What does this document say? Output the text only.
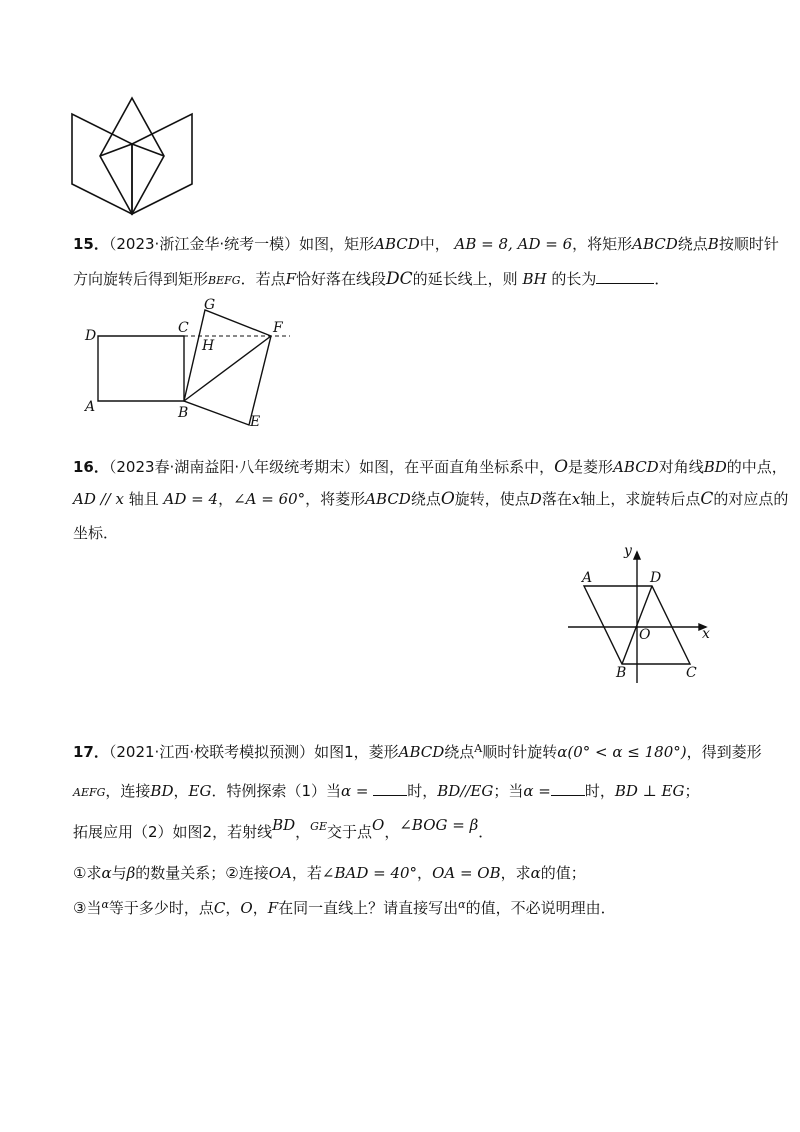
15．（2023·浙江金华·统考一模）如图，矩形ABCD中， AB = 8, AD = 6，将矩形ABCD绕点B按顺时针
方向旋转后得到矩形BEFG．若点F恰好落在线段DC的延长线上，则 BH 的长为	．
D	C
G
F
H
A	B
E
16．（2023春·湖南益阳·八年级统考期末）如图，在平面直角坐标系中，O是菱形ABCD对角线BD的中点，
AD // x 轴且 AD = 4，∠A = 60°，将菱形ABCD绕点O旋转，使点D落在x轴上，求旋转后点C的对应点的
坐标．
y
A	D
O	x
B	C
17．（2021·江西·校联考模拟预测）如图1，菱形ABCD绕点$^A$顺时针旋转α(0° < α ≤ 180°)，得到菱形
AEFG，连接BD，EG．特例探索（1）当α =	时，BD//EG；当α = 时，BD ⊥ EG；
拓展应用（2）如图2，若射线BD，$^{GE}$交于点O，∠BOG = β．
①求α与β的数量关系；②连接OA，若∠BAD = 40°，OA = OB，求α的值；
③当$^\alpha$等于多少时，点C，O，F在同一直线上？请直接写出$^\alpha$的值，不必说明理由．
